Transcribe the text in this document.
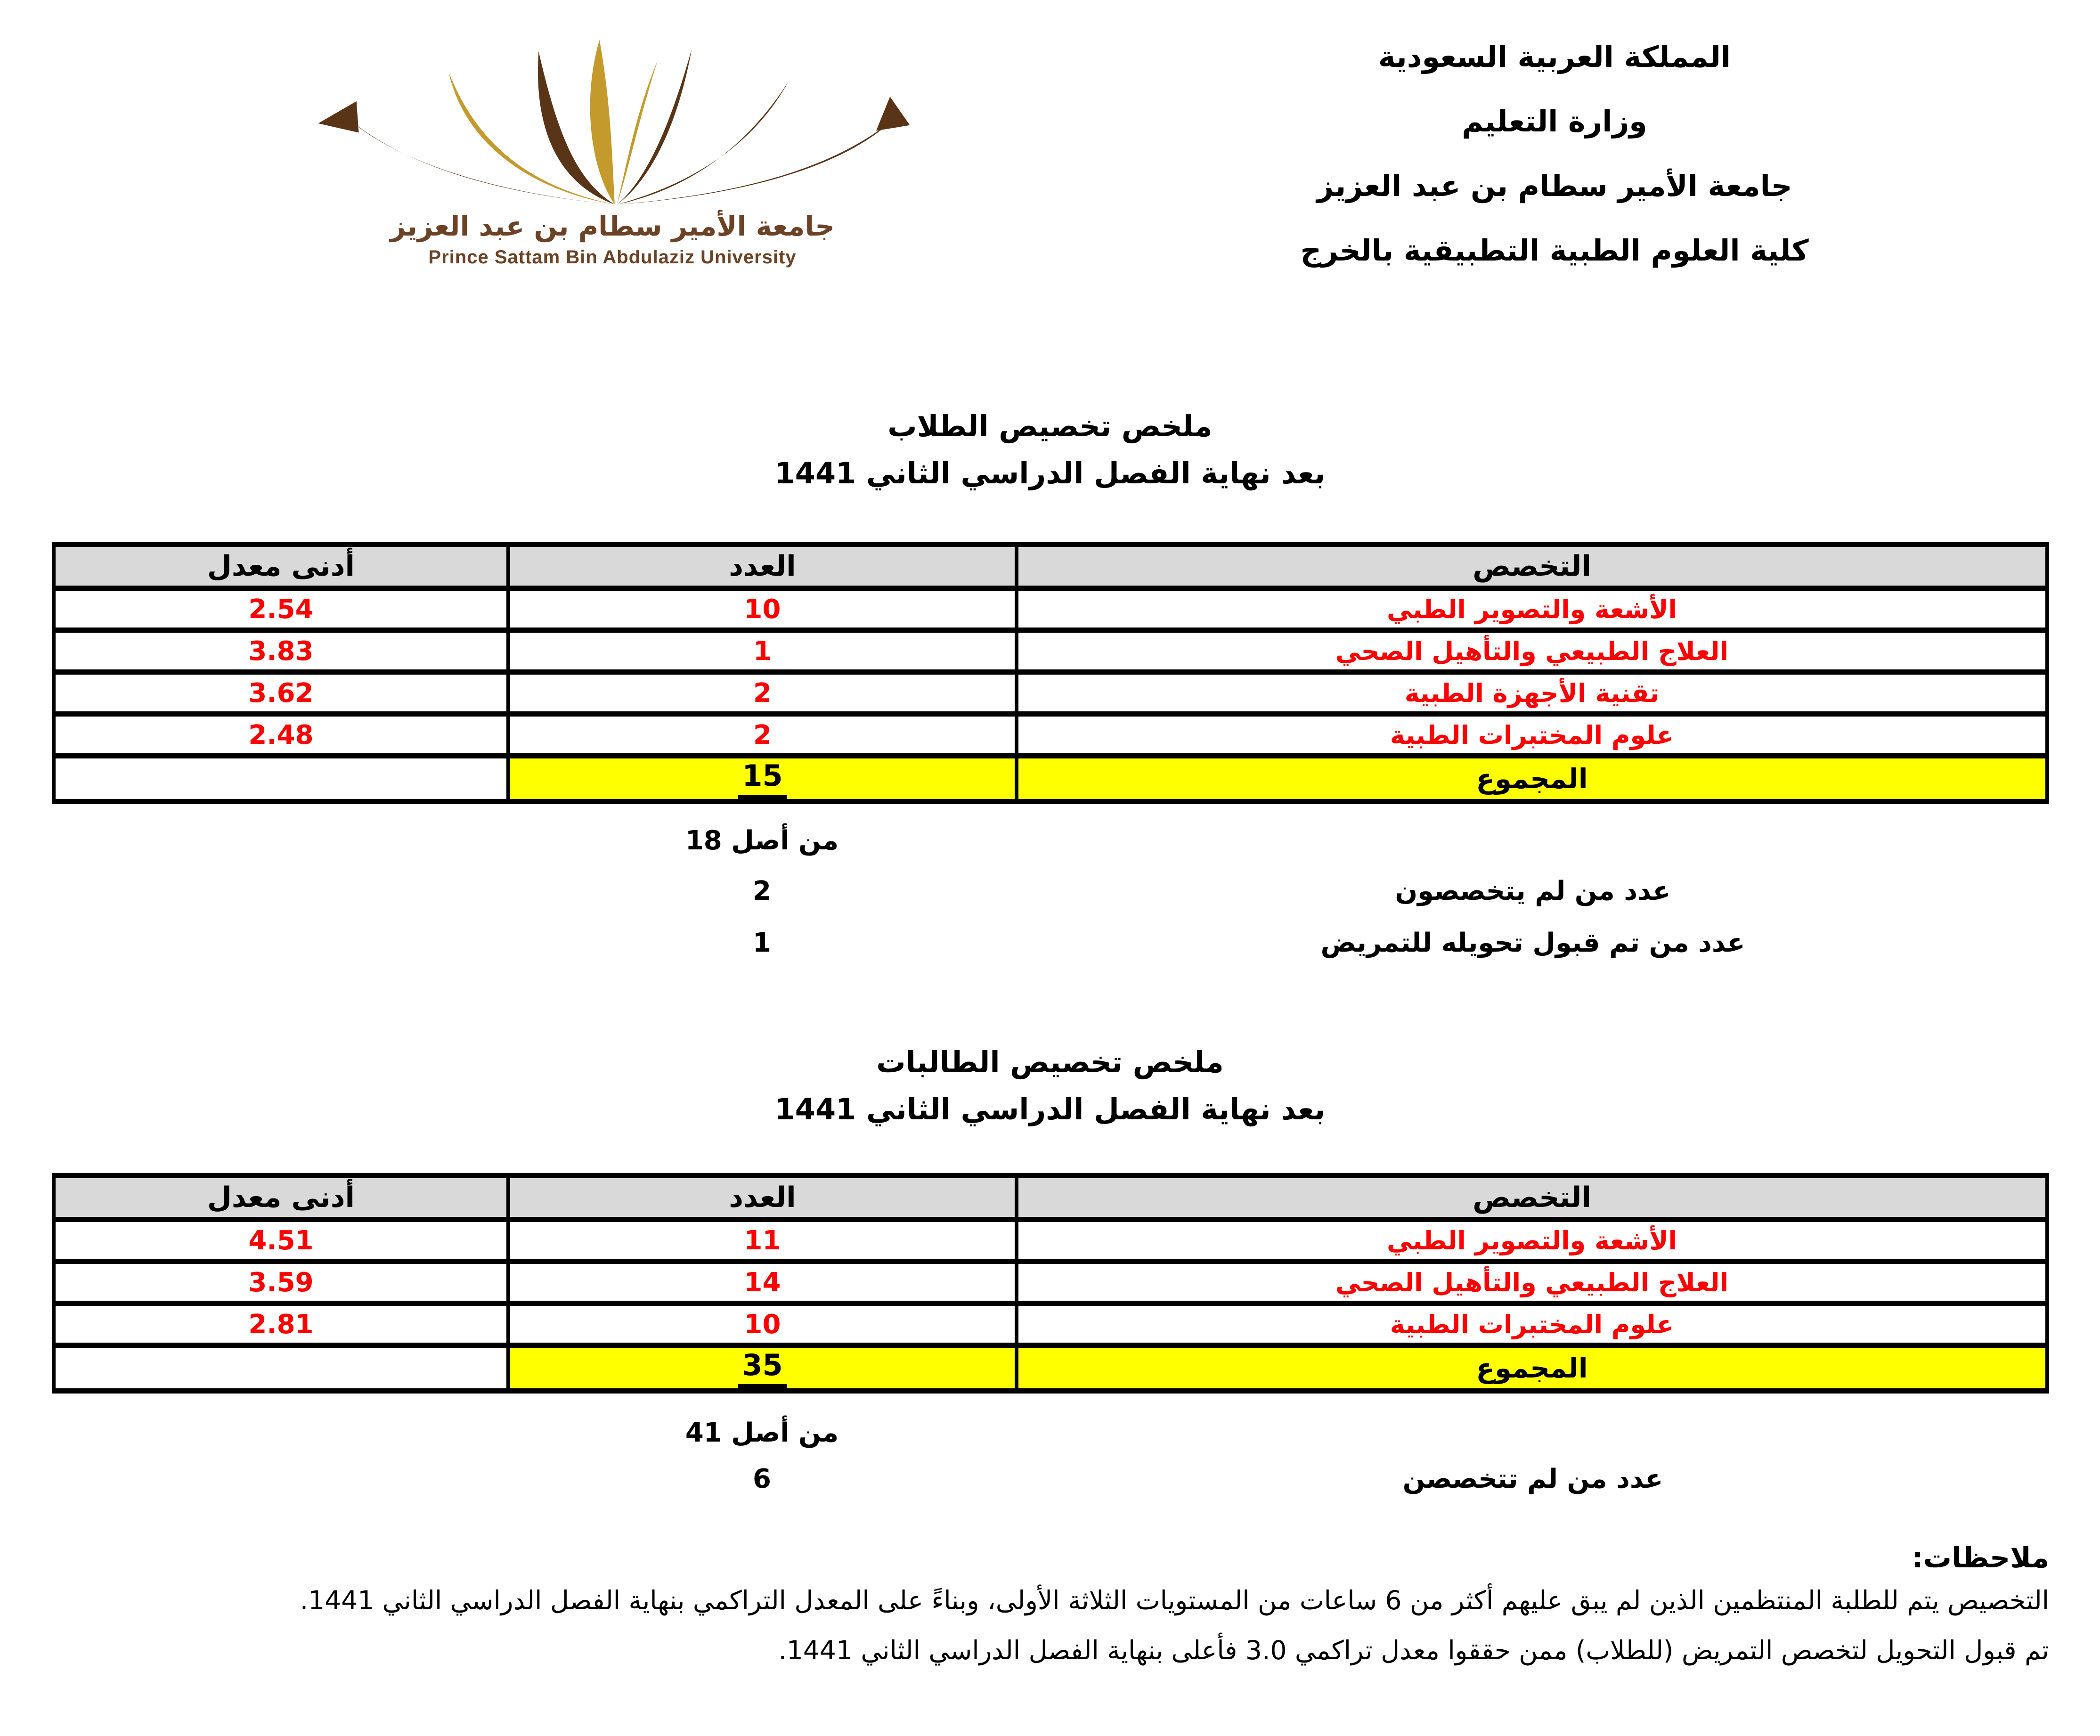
جامعة الأمير سطام بن عبد العزيز
Prince Sattam Bin Abdulaziz University
المملكة العربية السعودية
وزارة التعليم
جامعة الأمير سطام بن عبد العزيز
كلية العلوم الطبية التطبيقية بالخرج
ملخص تخصيص الطلاب
بعد نهاية الفصل الدراسي الثاني 1441
التخصص	العدد	أدنى معدل
الأشعة والتصوير الطبي	10	2.54
العلاج الطبيعي والتأهيل الصحي	1	3.83
تقنية الأجهزة الطبية	2	3.62
علوم المختبرات الطبية	2	2.48
المجموع	15	
من أصل 18
عدد من لم يتخصصون
2
عدد من تم قبول تحويله للتمريض
1
ملخص تخصيص الطالبات
بعد نهاية الفصل الدراسي الثاني 1441
التخصص	العدد	أدنى معدل
الأشعة والتصوير الطبي	11	4.51
العلاج الطبيعي والتأهيل الصحي	14	3.59
علوم المختبرات الطبية	10	2.81
المجموع	35	
من أصل 41
عدد من لم تتخصصن
6
ملاحظات:
التخصيص يتم للطلبة المنتظمين الذين لم يبق عليهم أكثر من 6 ساعات من المستويات الثلاثة الأولى، وبناءً على المعدل التراكمي بنهاية الفصل الدراسي الثاني 1441.
تم قبول التحويل لتخصص التمريض (للطلاب) ممن حققوا معدل تراكمي 3.0 فأعلى بنهاية الفصل الدراسي الثاني 1441.
